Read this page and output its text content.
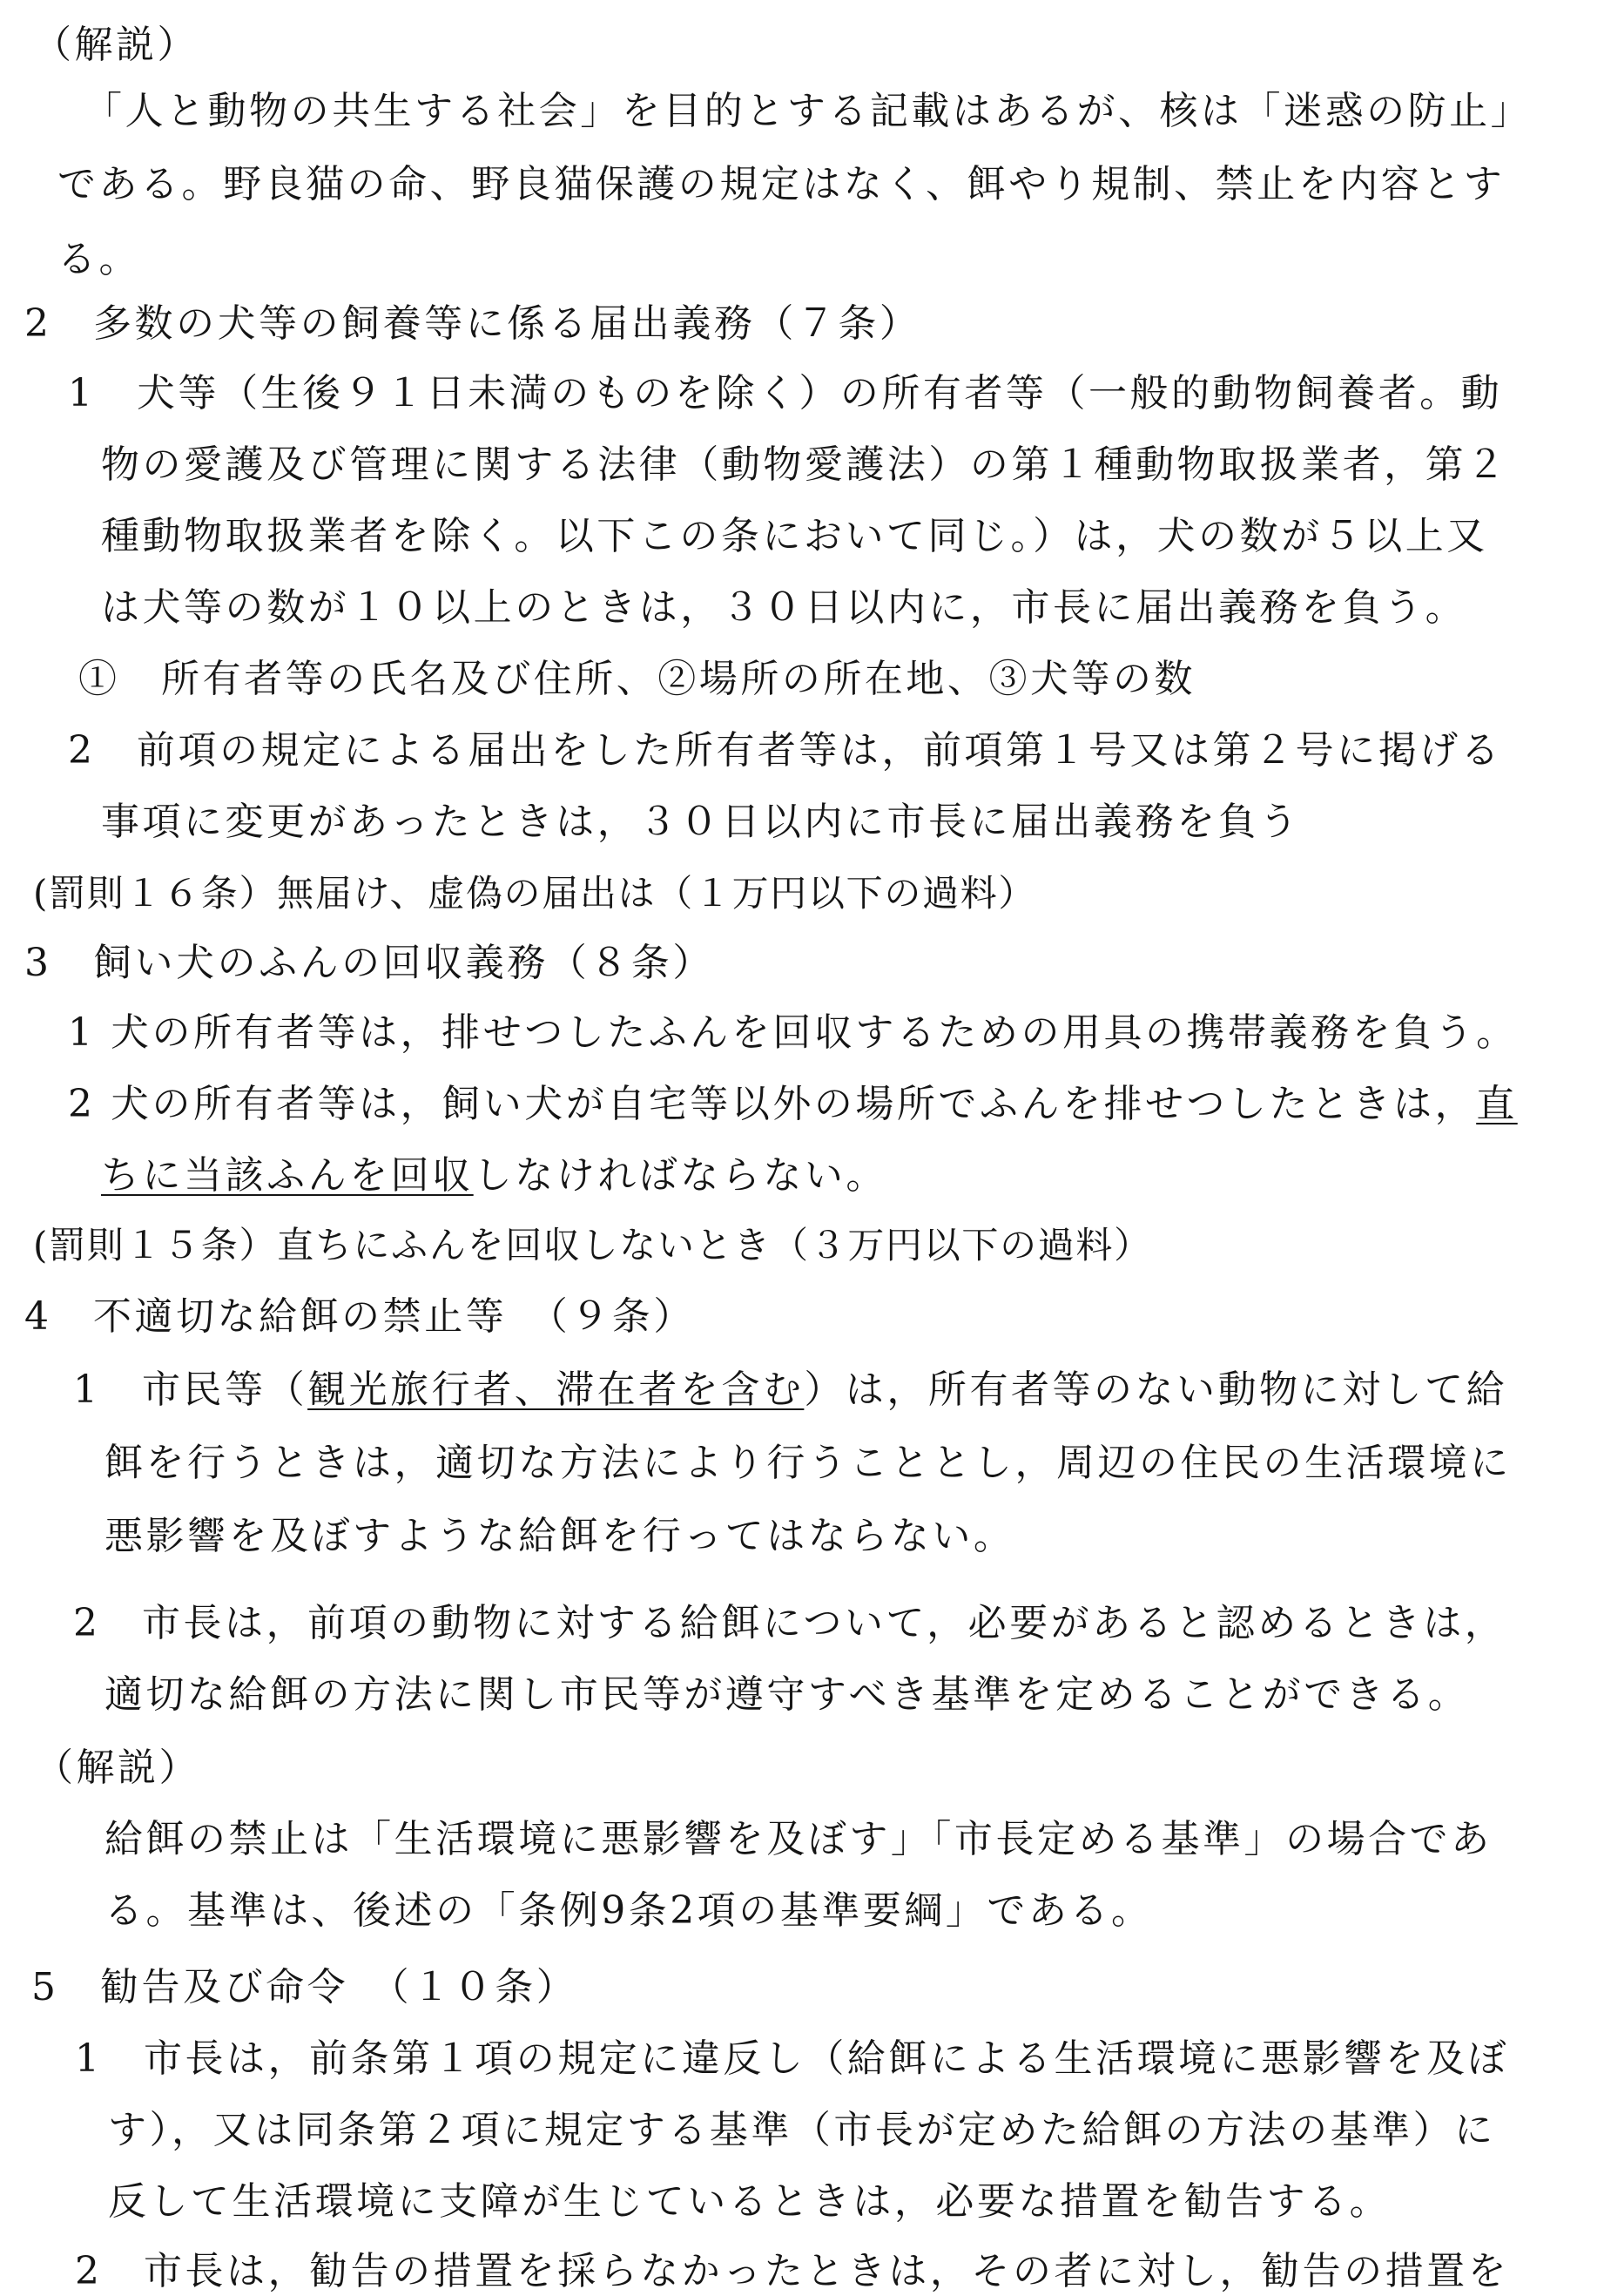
（解説）
「人と動物の共生する社会」を目的とする記載はあるが、核は「迷惑の防止」
である。野良猫の命、野良猫保護の規定はなく、餌やり規制、禁止を内容とす
る。
2　多数の犬等の飼養等に係る届出義務（７条）
1　犬等（生後９１日未満のものを除く）の所有者等（一般的動物飼養者。動
物の愛護及び管理に関する法律（動物愛護法）の第１種動物取扱業者，第２
種動物取扱業者を除く。以下この条において同じ。）は，犬の数が５以上又
は犬等の数が１０以上のときは，３０日以内に，市長に届出義務を負う。
①　所有者等の氏名及び住所、②場所の所在地、③犬等の数
2　前項の規定による届出をした所有者等は，前項第１号又は第２号に掲げる
事項に変更があったときは，３０日以内に市長に届出義務を負う
(罰則１６条）無届け、虚偽の届出は（１万円以下の過料）
3　飼い犬のふんの回収義務（８条）
1 犬の所有者等は，排せつしたふんを回収するための用具の携帯義務を負う。
2 犬の所有者等は，飼い犬が自宅等以外の場所でふんを排せつしたときは，直
ちに当該ふんを回収しなければならない。
(罰則１５条）直ちにふんを回収しないとき（３万円以下の過料）
4　不適切な給餌の禁止等　（９条）
1　市民等（観光旅行者、滞在者を含む）は，所有者等のない動物に対して給
餌を行うときは，適切な方法により行うこととし，周辺の住民の生活環境に
悪影響を及ぼすような給餌を行ってはならない。
2　市長は，前項の動物に対する給餌について，必要があると認めるときは，
適切な給餌の方法に関し市民等が遵守すべき基準を定めることができる。
（解説）
給餌の禁止は「生活環境に悪影響を及ぼす」「市長定める基準」の場合であ
る。基準は、後述の「条例9条2項の基準要綱」である。
5　勧告及び命令　（１０条）
1　市長は，前条第１項の規定に違反し（給餌による生活環境に悪影響を及ぼ
す），又は同条第２項に規定する基準（市長が定めた給餌の方法の基準）に
反して生活環境に支障が生じているときは，必要な措置を勧告する。
2　市長は，勧告の措置を採らなかったときは，その者に対し，勧告の措置を
